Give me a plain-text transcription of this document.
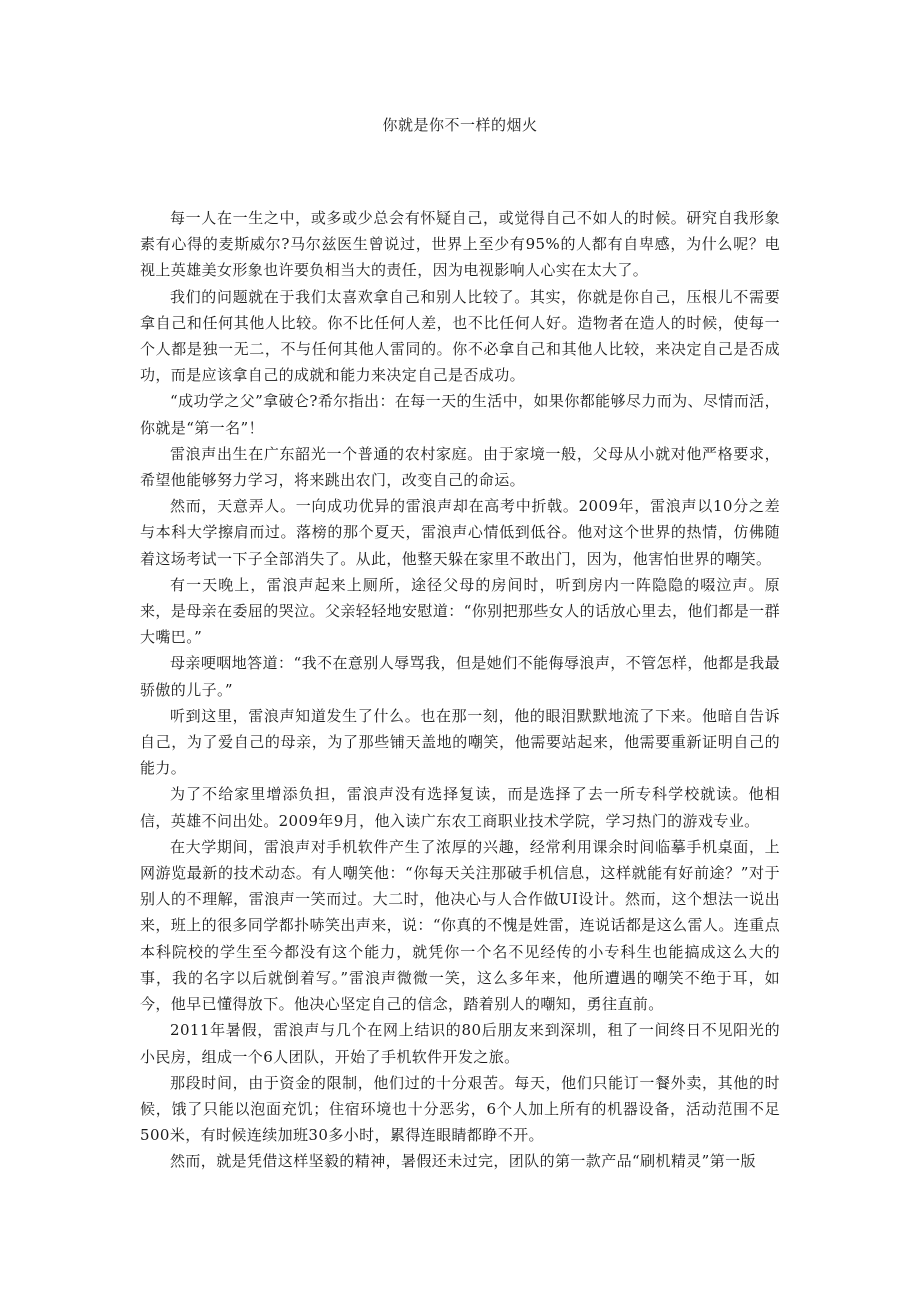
你就是你不一样的烟火

每一人在一生之中，或多或少总会有怀疑自己，或觉得自己不如人的时候。研究自我形象素有心得的麦斯威尔?马尔兹医生曾说过，世界上至少有95%的人都有自卑感，为什么呢？电视上英雄美女形象也许要负相当大的责任，因为电视影响人心实在太大了。

我们的问题就在于我们太喜欢拿自己和别人比较了。其实，你就是你自己，压根儿不需要拿自己和任何其他人比较。你不比任何人差，也不比任何人好。造物者在造人的时候，使每一个人都是独一无二，不与任何其他人雷同的。你不必拿自己和其他人比较，来决定自己是否成功，而是应该拿自己的成就和能力来决定自己是否成功。

“成功学之父”拿破仑?希尔指出：在每一天的生活中，如果你都能够尽力而为、尽情而活，你就是“第一名”！

雷浪声出生在广东韶光一个普通的农村家庭。由于家境一般，父母从小就对他严格要求，希望他能够努力学习，将来跳出农门，改变自己的命运。

然而，天意弄人。一向成功优异的雷浪声却在高考中折戟。2009年，雷浪声以10分之差与本科大学擦肩而过。落榜的那个夏天，雷浪声心情低到低谷。他对这个世界的热情，仿佛随着这场考试一下子全部消失了。从此，他整天躲在家里不敢出门，因为，他害怕世界的嘲笑。

有一天晚上，雷浪声起来上厕所，途径父母的房间时，听到房内一阵隐隐的啜泣声。原来，是母亲在委屈的哭泣。父亲轻轻地安慰道：“你别把那些女人的话放心里去，他们都是一群大嘴巴。”

母亲哽咽地答道：“我不在意别人辱骂我，但是她们不能侮辱浪声，不管怎样，他都是我最骄傲的儿子。”

听到这里，雷浪声知道发生了什么。也在那一刻，他的眼泪默默地流了下来。他暗自告诉自己，为了爱自己的母亲，为了那些铺天盖地的嘲笑，他需要站起来，他需要重新证明自己的能力。

为了不给家里增添负担，雷浪声没有选择复读，而是选择了去一所专科学校就读。他相信，英雄不问出处。2009年9月，他入读广东农工商职业技术学院，学习热门的游戏专业。

在大学期间，雷浪声对手机软件产生了浓厚的兴趣，经常利用课余时间临摹手机桌面，上网游览最新的技术动态。有人嘲笑他：“你每天关注那破手机信息，这样就能有好前途？”对于别人的不理解，雷浪声一笑而过。大二时，他决心与人合作做UI设计。然而，这个想法一说出来，班上的很多同学都扑哧笑出声来，说：“你真的不愧是姓雷，连说话都是这么雷人。连重点本科院校的学生至今都没有这个能力，就凭你一个名不见经传的小专科生也能搞成这么大的事，我的名字以后就倒着写。”雷浪声微微一笑，这么多年来，他所遭遇的嘲笑不绝于耳，如今，他早已懂得放下。他决心坚定自己的信念，踏着别人的嘲知，勇往直前。

2011年暑假，雷浪声与几个在网上结识的80后朋友来到深圳，租了一间终日不见阳光的小民房，组成一个6人团队，开始了手机软件开发之旅。

那段时间，由于资金的限制，他们过的十分艰苦。每天，他们只能订一餐外卖，其他的时候，饿了只能以泡面充饥；住宿环境也十分恶劣，6个人加上所有的机器设备，活动范围不足500米，有时候连续加班30多小时，累得连眼睛都睁不开。

然而，就是凭借这样坚毅的精神，暑假还未过完，团队的第一款产品“刷机精灵”第一版
